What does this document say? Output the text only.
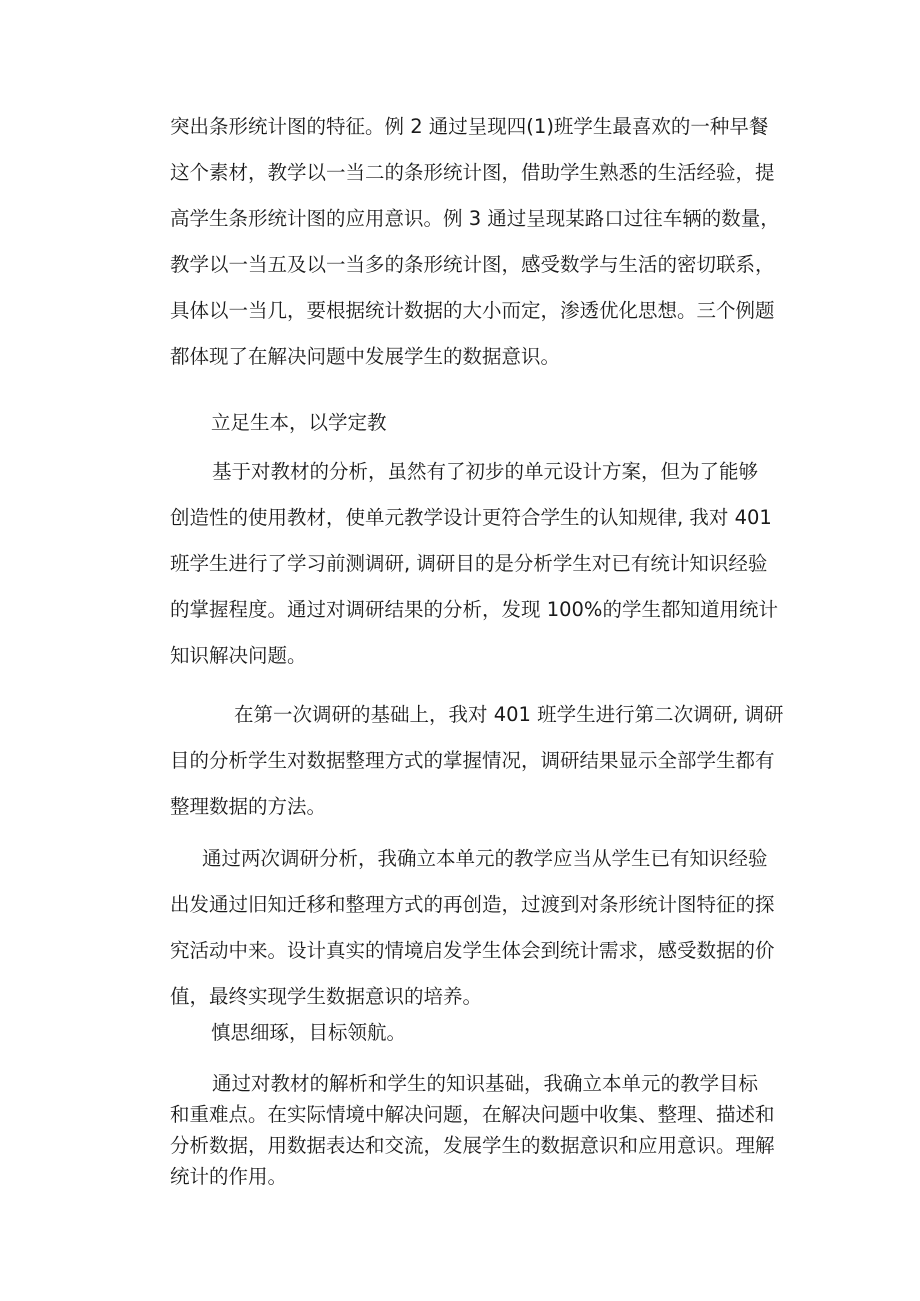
突出条形统计图的特征。例 2 通过呈现四(1)班学生最喜欢的一种早餐
这个素材，教学以一当二的条形统计图，借助学生熟悉的生活经验，提
高学生条形统计图的应用意识。例 3 通过呈现某路口过往车辆的数量，
教学以一当五及以一当多的条形统计图，感受数学与生活的密切联系，
具体以一当几，要根据统计数据的大小而定，渗透优化思想。三个例题
都体现了在解决问题中发展学生的数据意识。
立足生本，以学定教
基于对教材的分析，虽然有了初步的单元设计方案，但为了能够
创造性的使用教材，使单元教学设计更符合学生的认知规律, 我对 401
班学生进行了学习前测调研, 调研目的是分析学生对已有统计知识经验
的掌握程度。通过对调研结果的分析，发现 100%的学生都知道用统计
知识解决问题。
在第一次调研的基础上，我对 401 班学生进行第二次调研, 调研
目的分析学生对数据整理方式的掌握情况，调研结果显示全部学生都有
整理数据的方法。
通过两次调研分析，我确立本单元的教学应当从学生已有知识经验
出发通过旧知迁移和整理方式的再创造，过渡到对条形统计图特征的探
究活动中来。设计真实的情境启发学生体会到统计需求，感受数据的价
值，最终实现学生数据意识的培养。
慎思细琢，目标领航。
通过对教材的解析和学生的知识基础，我确立本单元的教学目标
和重难点。在实际情境中解决问题，在解决问题中收集、整理、描述和
分析数据，用数据表达和交流，发展学生的数据意识和应用意识。理解
统计的作用。
